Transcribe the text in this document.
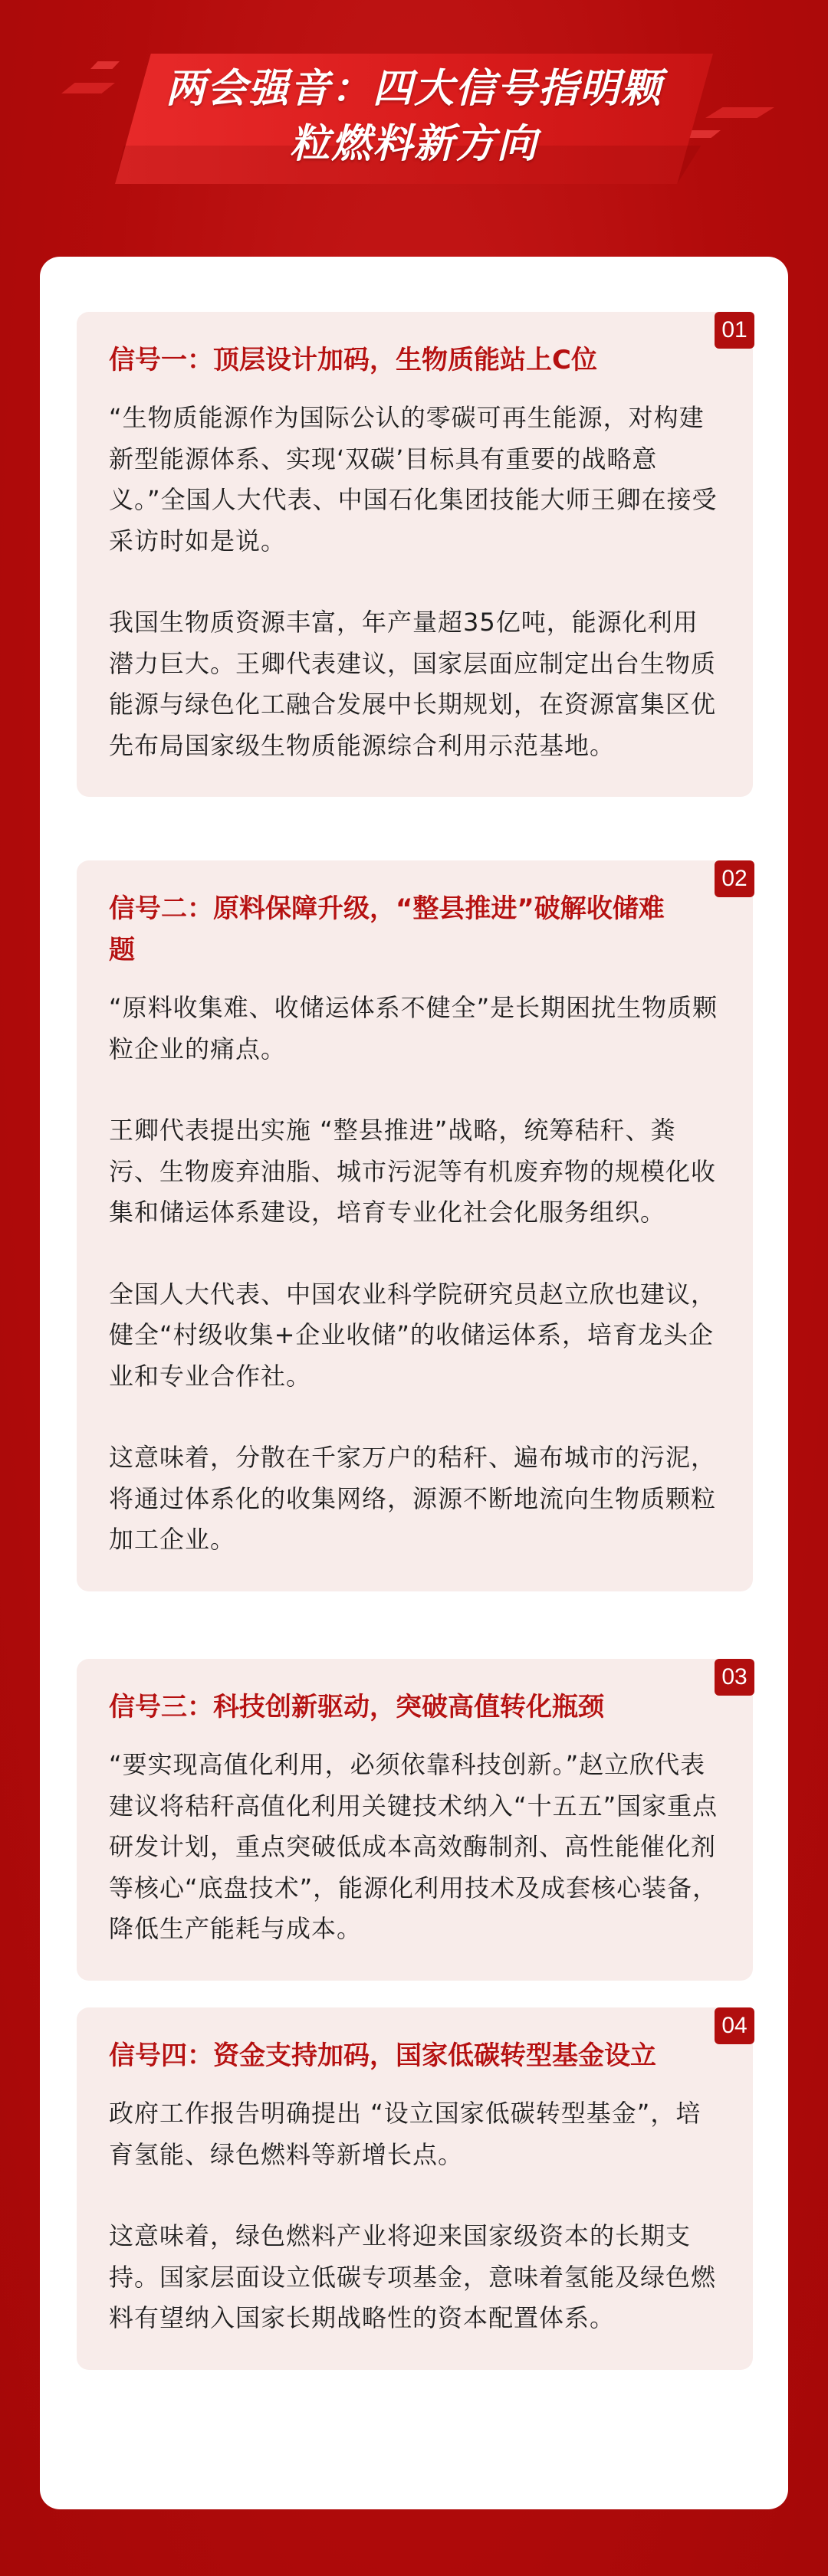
两会强音：四大信号指明颗粒燃料新方向
01
信号一：顶层设计加码，生物质能站上C位

“生物质能源作为国际公认的零碳可再生能源，对构建新型能源体系、实现‘双碳’目标具有重要的战略意义。”全国人大代表、中国石化集团技能大师王卿在接受采访时如是说。

我国生物质资源丰富，年产量超35亿吨，能源化利用潜力巨大。王卿代表建议，国家层面应制定出台生物质能源与绿色化工融合发展中长期规划，在资源富集区优先布局国家级生物质能源综合利用示范基地。

02
信号二：原料保障升级，“整县推进”破解收储难题

“原料收集难、收储运体系不健全”是长期困扰生物质颗粒企业的痛点。

王卿代表提出实施 “整县推进”战略，统筹秸秆、粪污、生物废弃油脂、城市污泥等有机废弃物的规模化收集和储运体系建设，培育专业化社会化服务组织。

全国人大代表、中国农业科学院研究员赵立欣也建议，健全“村级收集+企业收储”的收储运体系，培育龙头企业和专业合作社。

这意味着，分散在千家万户的秸秆、遍布城市的污泥，将通过体系化的收集网络，源源不断地流向生物质颗粒加工企业。

03
信号三：科技创新驱动，突破高值转化瓶颈

“要实现高值化利用，必须依靠科技创新。”赵立欣代表建议将秸秆高值化利用关键技术纳入“十五五”国家重点研发计划，重点突破低成本高效酶制剂、高性能催化剂等核心“底盘技术”，能源化利用技术及成套核心装备，降低生产能耗与成本。

04
信号四：资金支持加码，国家低碳转型基金设立

政府工作报告明确提出 “设立国家低碳转型基金”，培育氢能、绿色燃料等新增长点。

这意味着，绿色燃料产业将迎来国家级资本的长期支持。国家层面设立低碳专项基金，意味着氢能及绿色燃料有望纳入国家长期战略性的资本配置体系。
